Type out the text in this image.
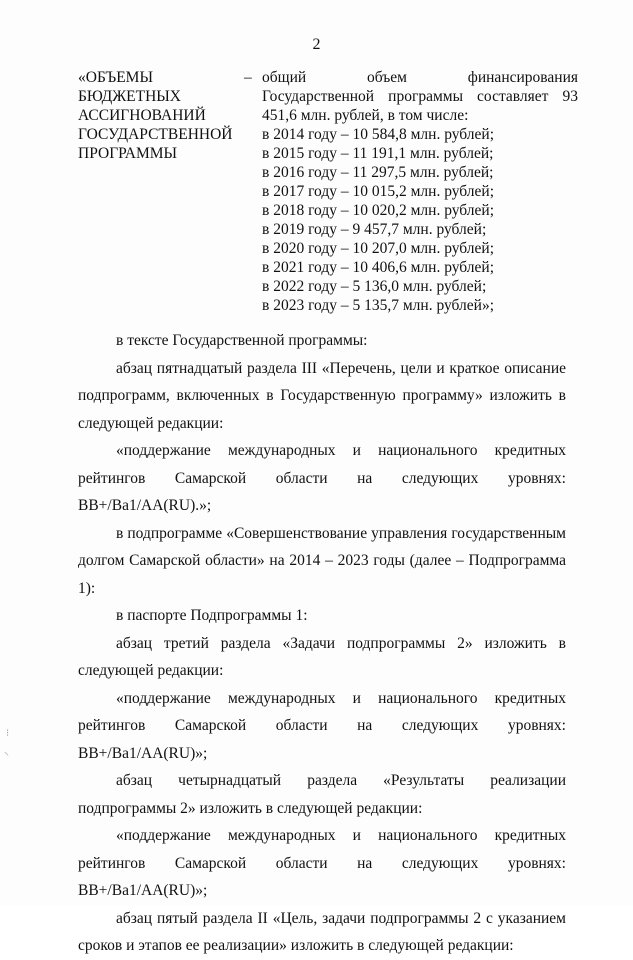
2
«ОБЪЕМЫ
БЮДЖЕТНЫХ
АССИГНОВАНИЙ
ГОСУДАРСТВЕННОЙ
ПРОГРАММЫ
– общий объем финансирования Государственной программы составляет 93 451,6 млн. рублей, в том числе:
в 2014 году – 10 584,8 млн. рублей;
в 2015 году – 11 191,1 млн. рублей;
в 2016 году – 11 297,5 млн. рублей;
в 2017 году – 10 015,2 млн. рублей;
в 2018 году – 10 020,2 млн. рублей;
в 2019 году – 9 457,7 млн. рублей;
в 2020 году – 10 207,0 млн. рублей;
в 2021 году – 10 406,6 млн. рублей;
в 2022 году – 5 136,0 млн. рублей;
в 2023 году – 5 135,7 млн. рублей»;

в тексте Государственной программы:

абзац пятнадцатый раздела III «Перечень, цели и краткое описание подпрограмм, включенных в Государственную программу» изложить в следующей редакции:

«поддержание международных и национального кредитных рейтингов Самарской области на следующих уровнях: BB+/Ba1/AA(RU).»;

в подпрограмме «Совершенствование управления государственным долгом Самарской области» на 2014 – 2023 годы (далее – Подпрограмма 1):

в паспорте Подпрограммы 1:

абзац третий раздела «Задачи подпрограммы 2» изложить в следующей редакции:

«поддержание международных и национального кредитных рейтингов Самарской области на следующих уровнях: BB+/Ba1/AA(RU)»;

абзац четырнадцатый раздела «Результаты реализации подпрограммы 2» изложить в следующей редакции:

«поддержание международных и национального кредитных рейтингов Самарской области на следующих уровнях: BB+/Ba1/AA(RU)»;

абзац пятый раздела II «Цель, задачи подпрограммы 2 с указанием сроков и этапов ее реализации» изложить в следующей редакции:

⁝
⸌
